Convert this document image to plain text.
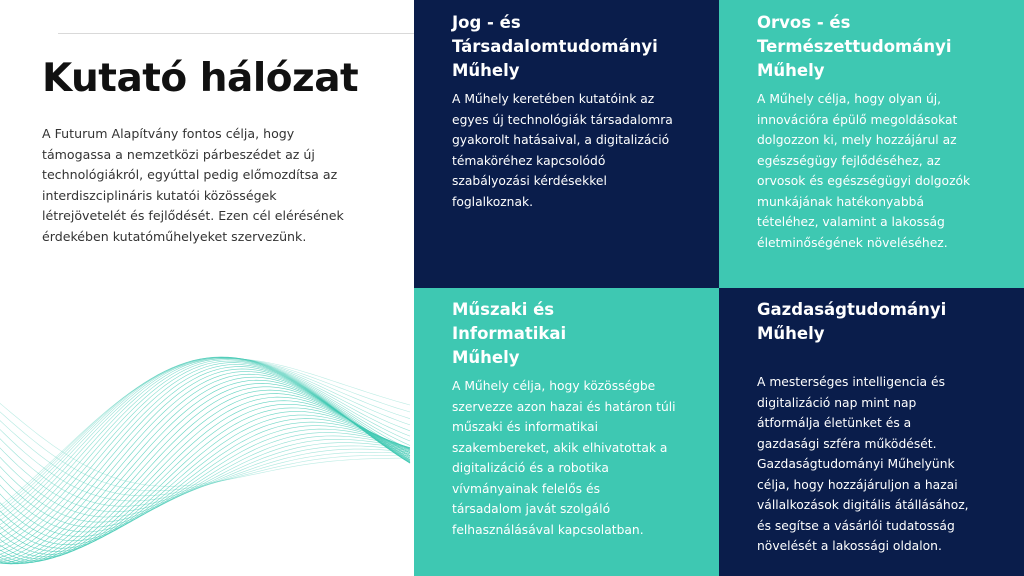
Kutató hálózat
A Futurum Alapítvány fontos célja, hogy
támogassa a nemzetközi párbeszédet az új
technológiákról, egyúttal pedig előmozdítsa az
interdiszciplináris kutatói közösségek
létrejövetelét és fejlődését. Ezen cél elérésének
érdekében kutatóműhelyeket szervezünk.
Jog - és
Társadalomtudományi
Műhely
A Műhely keretében kutatóink az
egyes új technológiák társadalomra
gyakorolt hatásaival, a digitalizáció
témaköréhez kapcsolódó
szabályozási kérdésekkel
foglalkoznak.
Orvos - és
Természettudományi
Műhely
A Műhely célja, hogy olyan új,
innovációra épülő megoldásokat
dolgozzon ki, mely hozzájárul az
egészségügy fejlődéséhez, az
orvosok és egészségügyi dolgozók
munkájának hatékonyabbá
tételéhez, valamint a lakosság
életminőségének növeléséhez.
Műszaki és
Informatikai
Műhely
A Műhely célja, hogy közösségbe
szervezze azon hazai és határon túli
műszaki és informatikai
szakembereket, akik elhivatottak a
digitalizáció és a robotika
vívmányainak felelős és
társadalom javát szolgáló
felhasználásával kapcsolatban.
Gazdaságtudományi
Műhely
A mesterséges intelligencia és
digitalizáció nap mint nap
átformálja életünket és a
gazdasági szféra működését.
Gazdaságtudományi Műhelyünk
célja, hogy hozzájáruljon a hazai
vállalkozások digitális átállásához,
és segítse a vásárlói tudatosság
növelését a lakossági oldalon.
